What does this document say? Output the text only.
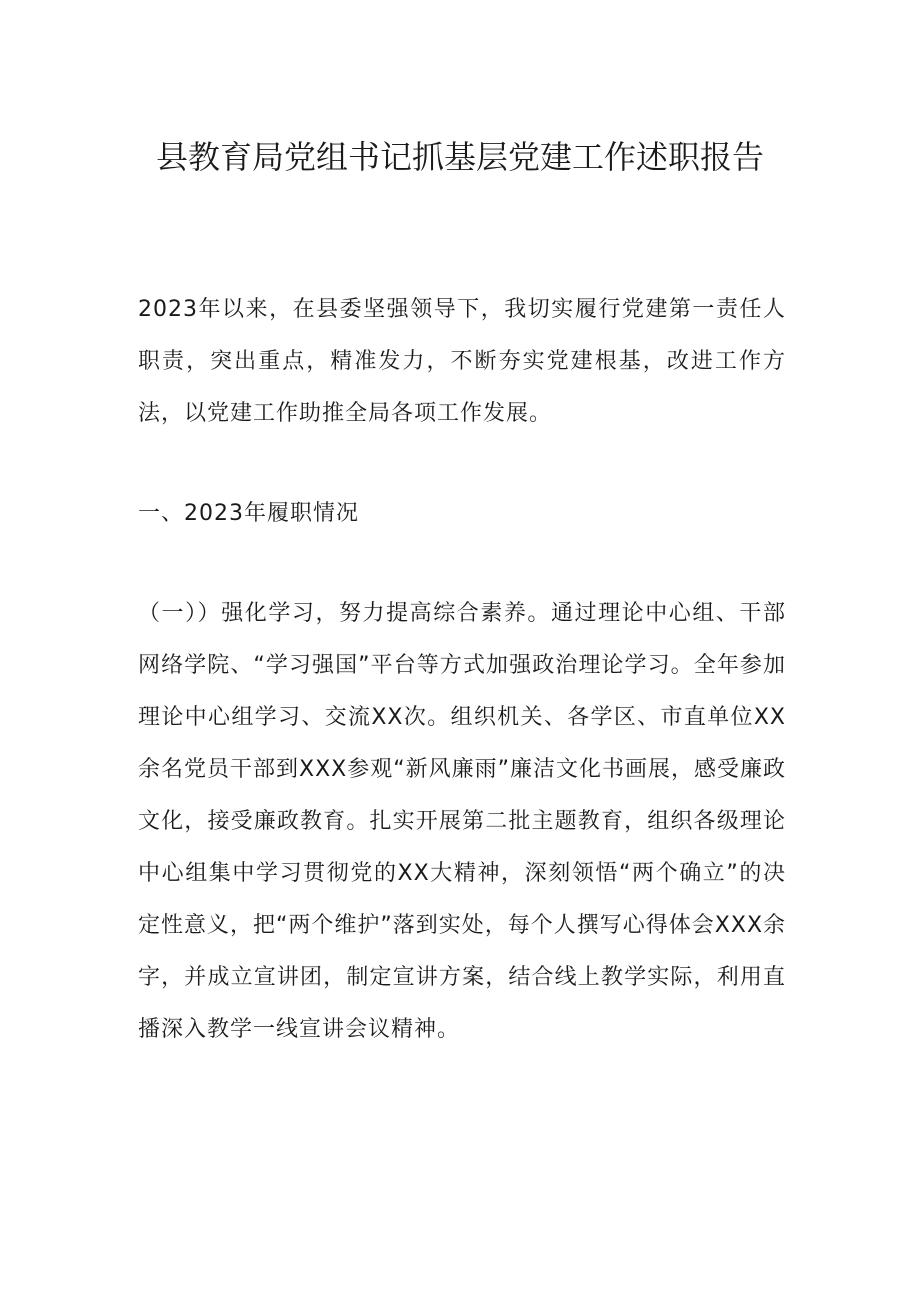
县教育局党组书记抓基层党建工作述职报告

2023年以来，在县委坚强领导下，我切实履行党建第一责任人职责，突出重点，精准发力，不断夯实党建根基，改进工作方法，以党建工作助推全局各项工作发展。

一、2023年履职情况

（一））强化学习，努力提高综合素养。通过理论中心组、干部网络学院、“学习强国”平台等方式加强政治理论学习。全年参加理论中心组学习、交流XX次。组织机关、各学区、市直单位XX余名党员干部到XXX参观“新风廉雨”廉洁文化书画展，感受廉政文化，接受廉政教育。扎实开展第二批主题教育，组织各级理论中心组集中学习贯彻党的XX大精神，深刻领悟“两个确立”的决定性意义，把“两个维护”落到实处，每个人撰写心得体会XXX余字，并成立宣讲团，制定宣讲方案，结合线上教学实际，利用直播深入教学一线宣讲会议精神。
